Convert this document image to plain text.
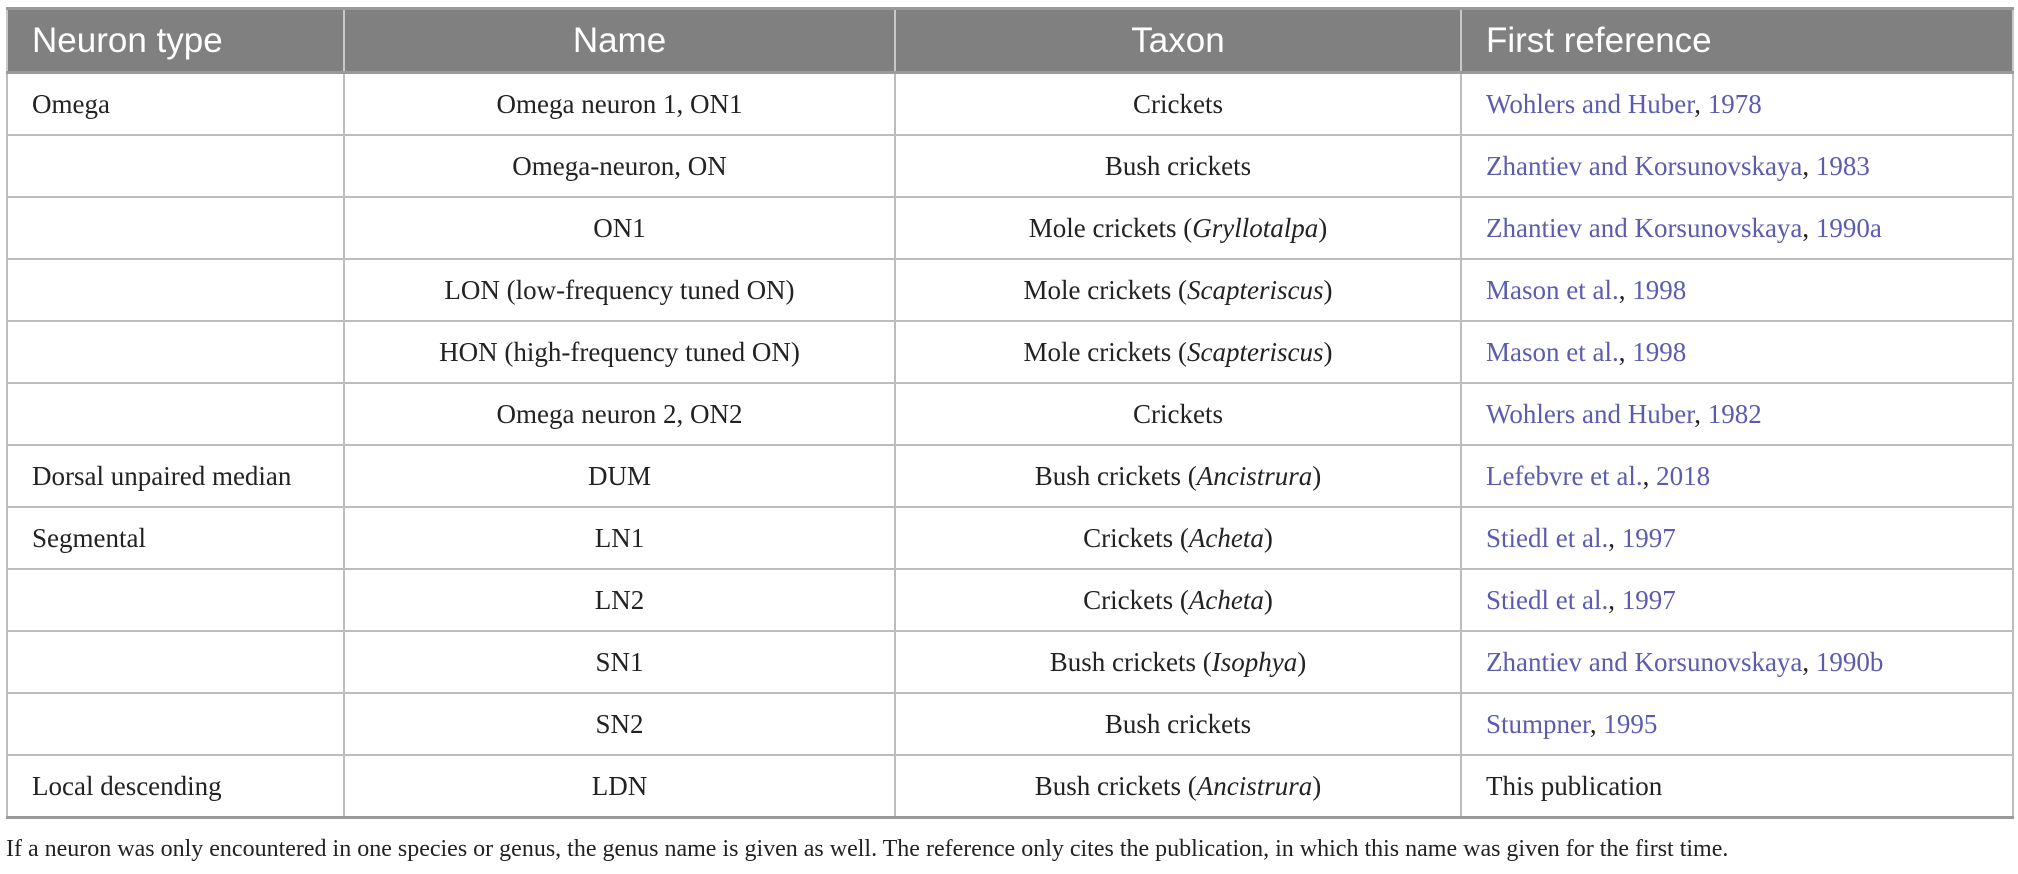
Neuron type	Name	Taxon	First reference
Omega	Omega neuron 1, ON1	Crickets	Wohlers and Huber, 1978
	Omega-neuron, ON	Bush crickets	Zhantiev and Korsunovskaya, 1983
	ON1	Mole crickets (Gryllotalpa)	Zhantiev and Korsunovskaya, 1990a
	LON (low-frequency tuned ON)	Mole crickets (Scapteriscus)	Mason et al., 1998
	HON (high-frequency tuned ON)	Mole crickets (Scapteriscus)	Mason et al., 1998
	Omega neuron 2, ON2	Crickets	Wohlers and Huber, 1982
Dorsal unpaired median	DUM	Bush crickets (Ancistrura)	Lefebvre et al., 2018
Segmental	LN1	Crickets (Acheta)	Stiedl et al., 1997
	LN2	Crickets (Acheta)	Stiedl et al., 1997
	SN1	Bush crickets (Isophya)	Zhantiev and Korsunovskaya, 1990b
	SN2	Bush crickets	Stumpner, 1995
Local descending	LDN	Bush crickets (Ancistrura)	This publication
If a neuron was only encountered in one species or genus, the genus name is given as well. The reference only cites the publication, in which this name was given for the first time.
